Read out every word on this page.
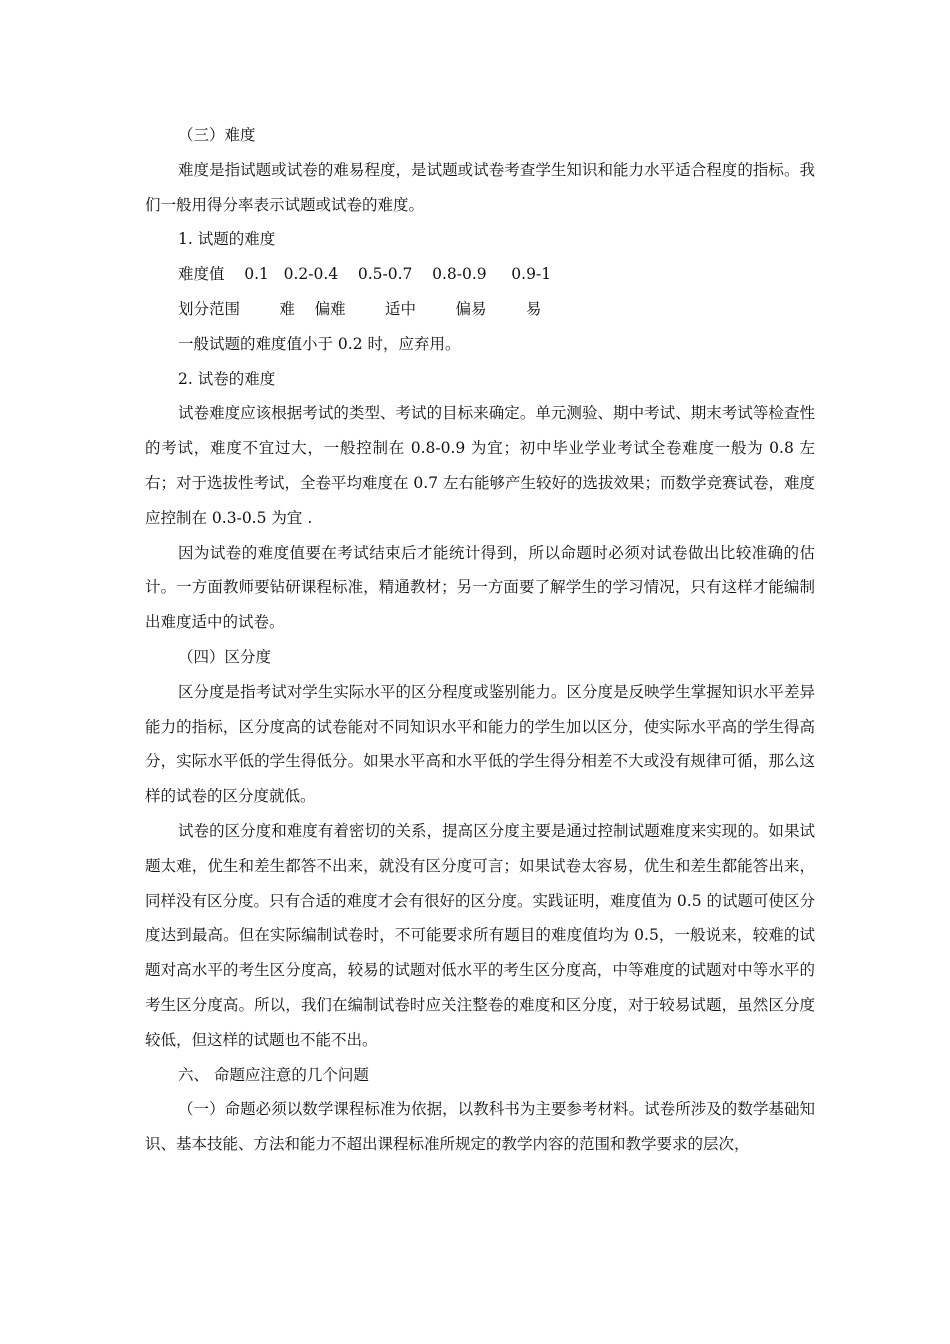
（三）难度

难度是指试题或试卷的难易程度，是试题或试卷考查学生知识和能力水平适合程度的指标。我们一般用得分率表示试题或试卷的难度。

1. 试题的难度

难度值    0.1   0.2-0.4    0.5-0.7    0.8-0.9     0.9-1

划分范围        难    偏难        适中        偏易        易

一般试题的难度值小于 0.2 时，应弃用。

2. 试卷的难度

试卷难度应该根据考试的类型、考试的目标来确定。单元测验、期中考试、期末考试等检查性的考试，难度不宜过大，一般控制在 0.8-0.9 为宜；初中毕业学业考试全卷难度一般为 0.8 左右；对于选拔性考试，全卷平均难度在 0.7 左右能够产生较好的选拔效果；而数学竞赛试卷，难度应控制在 0.3-0.5 为宜 .

因为试卷的难度值要在考试结束后才能统计得到，所以命题时必须对试卷做出比较准确的估计。一方面教师要钻研课程标准，精通教材；另一方面要了解学生的学习情况，只有这样才能编制出难度适中的试卷。

（四）区分度

区分度是指考试对学生实际水平的区分程度或鉴别能力。区分度是反映学生掌握知识水平差异能力的指标，区分度高的试卷能对不同知识水平和能力的学生加以区分，使实际水平高的学生得高分，实际水平低的学生得低分。如果水平高和水平低的学生得分相差不大或没有规律可循，那么这样的试卷的区分度就低。

试卷的区分度和难度有着密切的关系，提高区分度主要是通过控制试题难度来实现的。如果试题太难，优生和差生都答不出来，就没有区分度可言；如果试卷太容易，优生和差生都能答出来，同样没有区分度。只有合适的难度才会有很好的区分度。实践证明，难度值为 0.5 的试题可使区分度达到最高。但在实际编制试卷时，不可能要求所有题目的难度值均为 0.5，一般说来，较难的试题对高水平的考生区分度高，较易的试题对低水平的考生区分度高，中等难度的试题对中等水平的考生区分度高。所以，我们在编制试卷时应关注整卷的难度和区分度，对于较易试题，虽然区分度较低，但这样的试题也不能不出。

六、 命题应注意的几个问题

（一）命题必须以数学课程标准为依据，以教科书为主要参考材料。试卷所涉及的数学基础知识、基本技能、方法和能力不超出课程标准所规定的教学内容的范围和教学要求的层次，
